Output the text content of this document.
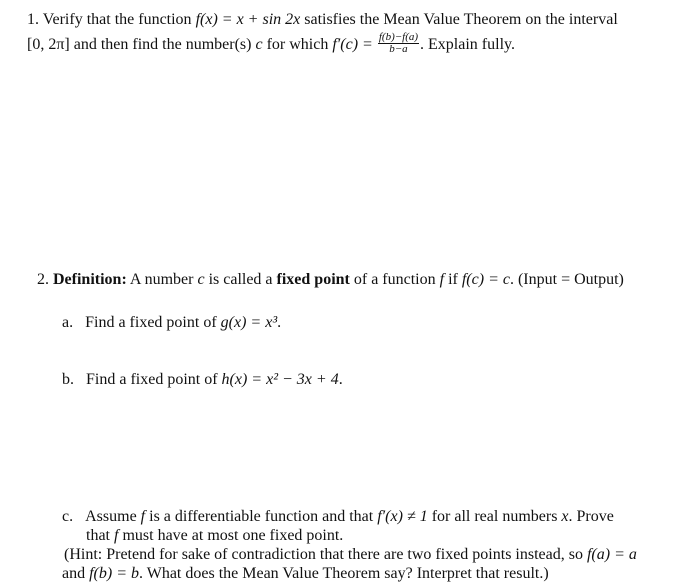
1. Verify that the function f(x) = x + sin 2x satisfies the Mean Value Theorem on the interval
[0, 2π] and then find the number(s) c for which $f'(c) = \frac{f(b)-f(a)}{b-a}$ . Explain fully.
2. Definition: A number c is called a fixed point of a function f if f(c) = c. (Input = Output)
a. Find a fixed point of g(x) = x³.
b. Find a fixed point of h(x) = x² − 3x + 4.
c. Assume f is a differentiable function and that f′(x) ≠ 1 for all real numbers x. Prove
that f must have at most one fixed point.
(Hint: Pretend for sake of contradiction that there are two fixed points instead, so f(a) = a
and f(b) = b. What does the Mean Value Theorem say? Interpret that result.)
